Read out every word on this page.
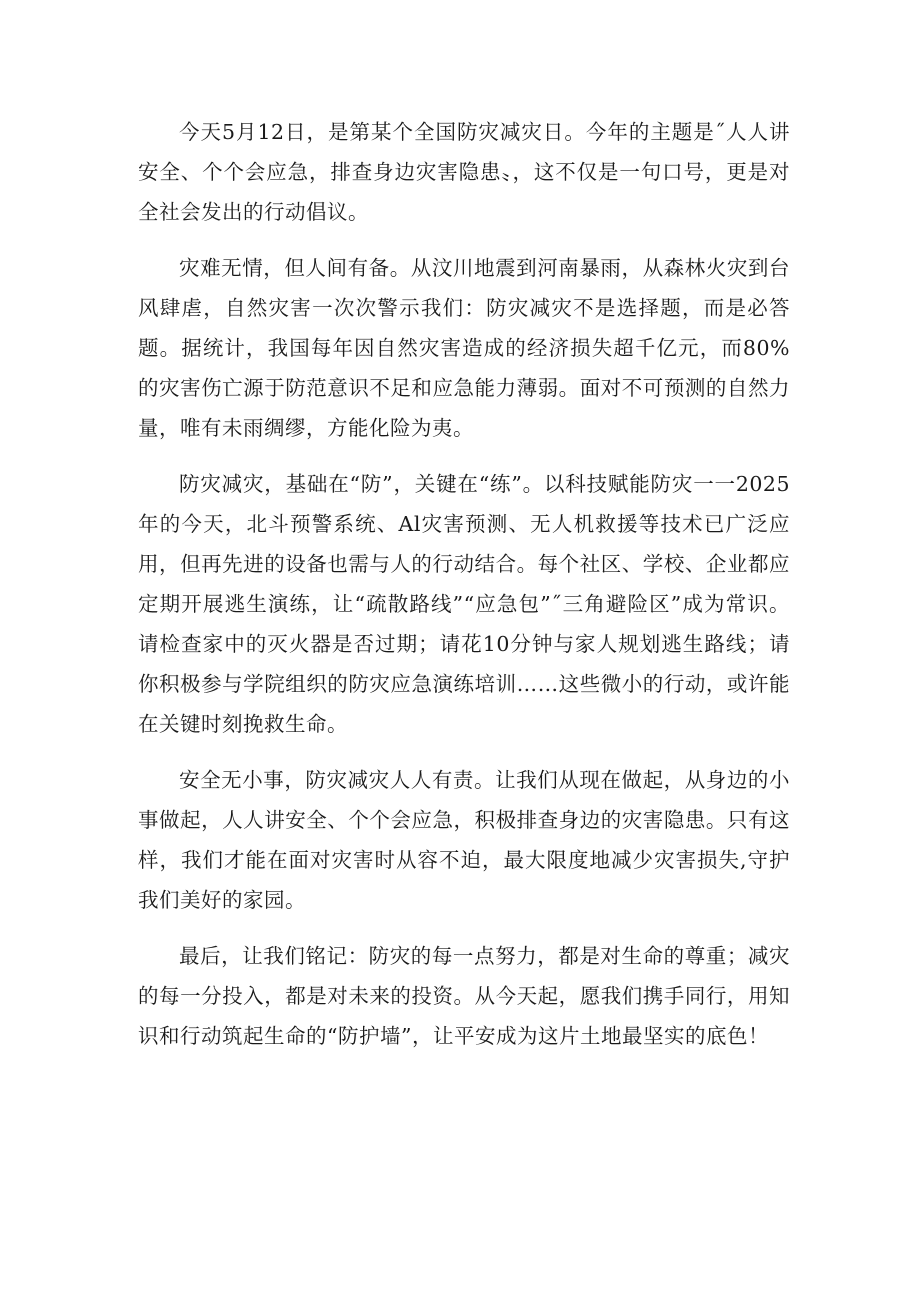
今天5月12日，是第某个全国防灾减灾日。今年的主题是˝人人讲安全、个个会应急，排查身边灾害隐患〟，这不仅是一句口号，更是对全社会发出的行动倡议。

灾难无情，但人间有备。从汶川地震到河南暴雨，从森林火灾到台风肆虐，自然灾害一次次警示我们：防灾减灾不是选择题，而是必答题。据统计，我国每年因自然灾害造成的经济损失超千亿元，而80%的灾害伤亡源于防范意识不足和应急能力薄弱。面对不可预测的自然力量，唯有未雨绸缪，方能化险为夷。

防灾减灾，基础在“防”，关键在“练”。以科技赋能防灾一一2025年的今天，北斗预警系统、Al灾害预测、无人机救援等技术已广泛应用，但再先进的设备也需与人的行动结合。每个社区、学校、企业都应定期开展逃生演练，让“疏散路线”“应急包”˝三角避险区”成为常识。请检查家中的灭火器是否过期；请花10分钟与家人规划逃生路线；请你积极参与学院组织的防灾应急演练培训……这些微小的行动，或许能在关键时刻挽救生命。

安全无小事，防灾减灾人人有责。让我们从现在做起，从身边的小事做起，人人讲安全、个个会应急，积极排查身边的灾害隐患。只有这样，我们才能在面对灾害时从容不迫，最大限度地减少灾害损失,守护我们美好的家园。

最后，让我们铭记：防灾的每一点努力，都是对生命的尊重；减灾的每一分投入，都是对未来的投资。从今天起，愿我们携手同行，用知识和行动筑起生命的“防护墙”，让平安成为这片土地最坚实的底色！
